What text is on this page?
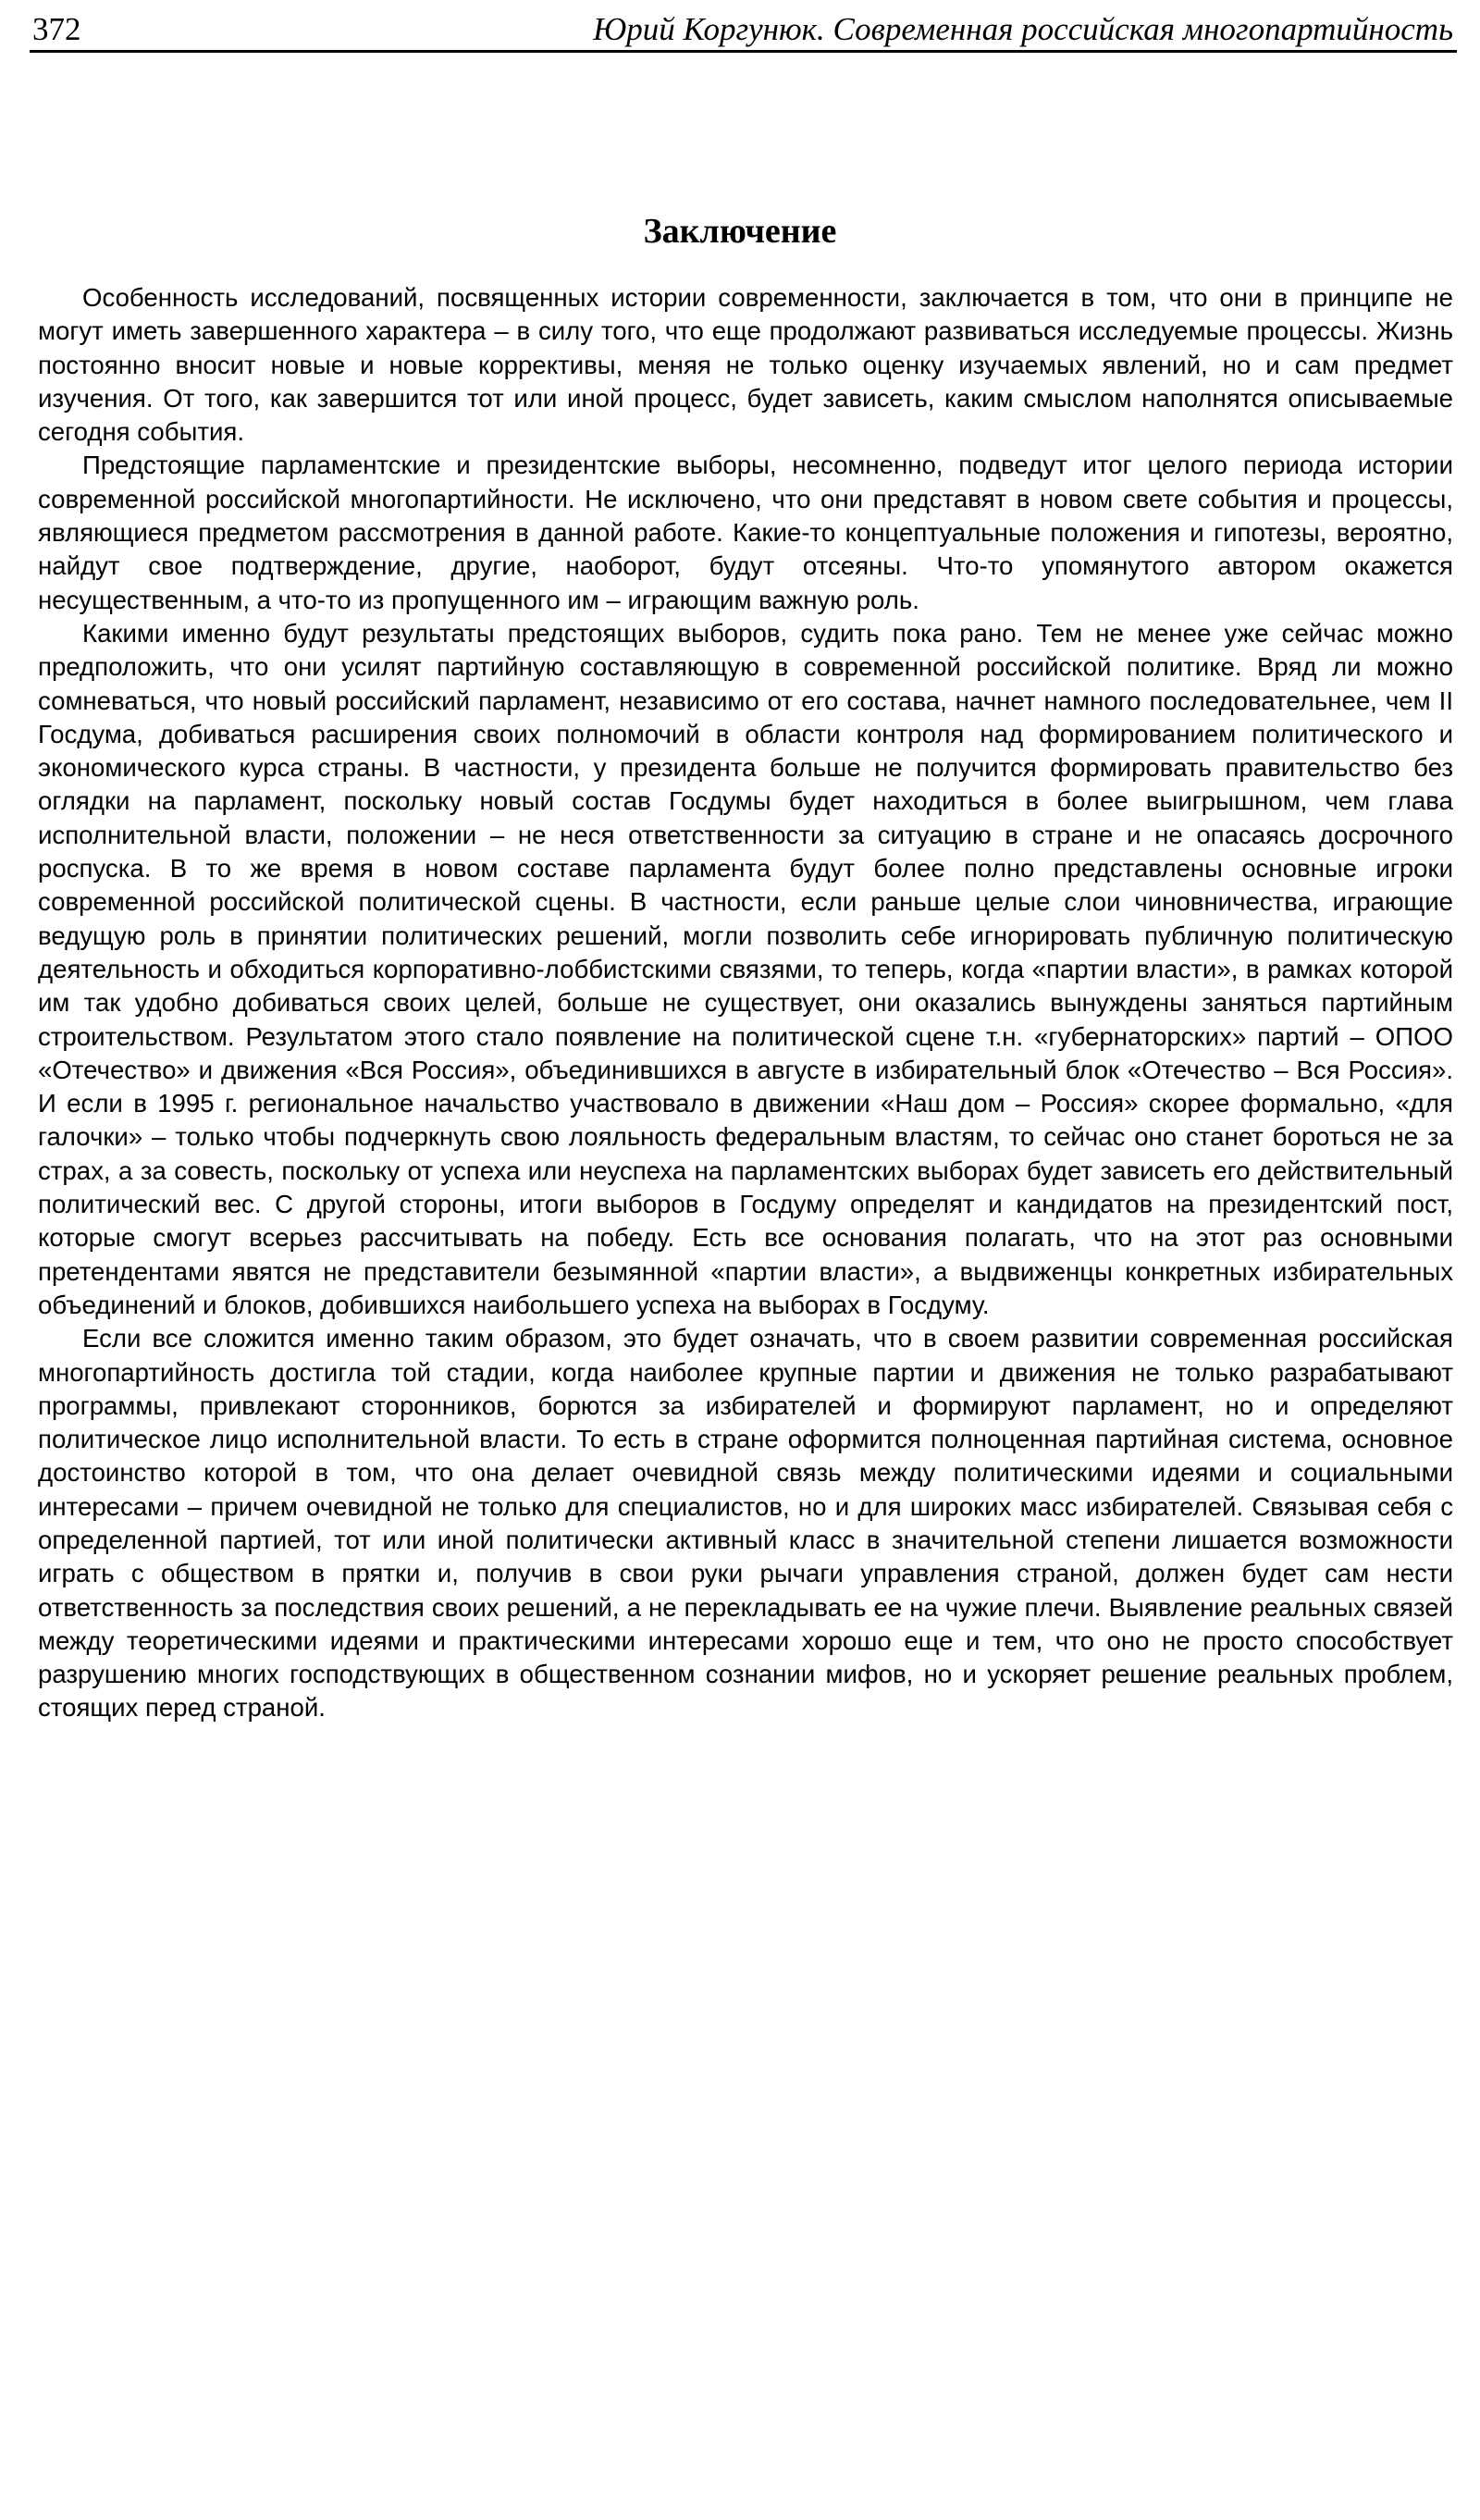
372	Юрий Коргунюк. Современная российская многопартийность
Заключение

Особенность исследований, посвященных истории современности, заключается в том, что они в принципе не могут иметь завершенного характера – в силу того, что еще продолжают развиваться исследуемые процессы. Жизнь постоянно вносит новые и новые коррективы, меняя не только оценку изучаемых явлений, но и сам предмет изучения. От того, как завершится тот или иной процесс, будет зависеть, каким смыслом наполнятся описываемые сегодня события.

Предстоящие парламентские и президентские выборы, несомненно, подведут итог целого периода истории современной российской многопартийности. Не исключено, что они представят в новом свете события и процессы, являющиеся предметом рассмотрения в данной работе. Какие-то концептуальные положения и гипотезы, вероятно, найдут свое подтверждение, другие, наоборот, будут отсеяны. Что-то упомянутого автором окажется несущественным, а что-то из пропущенного им – играющим важную роль.

Какими именно будут результаты предстоящих выборов, судить пока рано. Тем не менее уже сейчас можно предположить, что они усилят партийную составляющую в современной российской политике. Вряд ли можно сомневаться, что новый российский парламент, независимо от его состава, начнет намного последовательнее, чем II Госдума, добиваться расширения своих полномочий в области контроля над формированием политического и экономического курса страны. В частности, у президента больше не получится формировать правительство без оглядки на парламент, поскольку новый состав Госдумы будет находиться в более выигрышном, чем глава исполнительной власти, положении – не неся ответственности за ситуацию в стране и не опасаясь досрочного роспуска. В то же время в новом составе парламента будут более полно представлены основные игроки современной российской политической сцены. В частности, если раньше целые слои чиновничества, играющие ведущую роль в принятии политических решений, могли позволить себе игнорировать публичную политическую деятельность и обходиться корпоративно-лоббистскими связями, то теперь, когда «партии власти», в рамках которой им так удобно добиваться своих целей, больше не существует, они оказались вынуждены заняться партийным строительством. Результатом этого стало появление на политической сцене т.н. «губернаторских» партий – ОПОО «Отечество» и движения «Вся Россия», объединившихся в августе в избирательный блок «Отечество – Вся Россия». И если в 1995 г. региональное начальство участвовало в движении «Наш дом – Россия» скорее формально, «для галочки» – только чтобы подчеркнуть свою лояльность федеральным властям, то сейчас оно станет бороться не за страх, а за совесть, поскольку от успеха или неуспеха на парламентских выборах будет зависеть его действительный политический вес. С другой стороны, итоги выборов в Госдуму определят и кандидатов на президентский пост, которые смогут всерьез рассчитывать на победу. Есть все основания полагать, что на этот раз основными претендентами явятся не представители безымянной «партии власти», а выдвиженцы конкретных избирательных объединений и блоков, добившихся наибольшего успеха на выборах в Госдуму.

Если все сложится именно таким образом, это будет означать, что в своем развитии современная российская многопартийность достигла той стадии, когда наиболее крупные партии и движения не только разрабатывают программы, привлекают сторонников, борются за избирателей и формируют парламент, но и определяют политическое лицо исполнительной власти. То есть в стране оформится полноценная партийная система, основное достоинство которой в том, что она делает очевидной связь между политическими идеями и социальными интересами – причем очевидной не только для специалистов, но и для широких масс избирателей. Связывая себя с определенной партией, тот или иной политически активный класс в значительной степени лишается возможности играть с обществом в прятки и, получив в свои руки рычаги управления страной, должен будет сам нести ответственность за последствия своих решений, а не перекладывать ее на чужие плечи. Выявление реальных связей между теоретическими идеями и практическими интересами хорошо еще и тем, что оно не просто способствует разрушению многих господствующих в общественном сознании мифов, но и ускоряет решение реальных проблем, стоящих перед страной.
